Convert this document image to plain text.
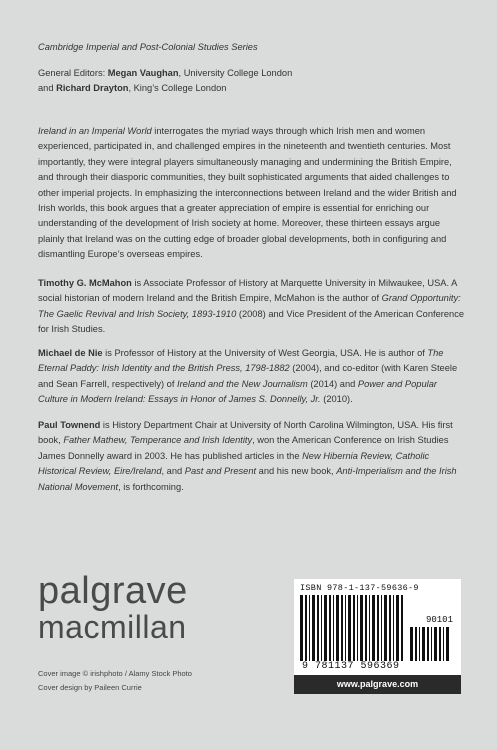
Cambridge Imperial and Post-Colonial Studies Series
General Editors: Megan Vaughan, University College London
and Richard Drayton, King’s College London
Ireland in an Imperial World interrogates the myriad ways through which Irish men and women experienced, participated in, and challenged empires in the nineteenth and twentieth centuries. Most importantly, they were integral players simultaneously managing and undermining the British Empire, and through their diasporic communities, they built sophisticated arguments that aided challenges to other imperial projects. In emphasizing the interconnections between Ireland and the wider British and Irish worlds, this book argues that a greater appreciation of empire is essential for enriching our understanding of the development of Irish society at home. Moreover, these thirteen essays argue plainly that Ireland was on the cutting edge of broader global developments, both in configuring and dismantling Europe’s overseas empires.
Timothy G. McMahon is Associate Professor of History at Marquette University in Milwaukee, USA. A social historian of modern Ireland and the British Empire, McMahon is the author of Grand Opportunity: The Gaelic Revival and Irish Society, 1893-1910 (2008) and Vice President of the American Conference for Irish Studies.
Michael de Nie is Professor of History at the University of West Georgia, USA. He is author of The Eternal Paddy: Irish Identity and the British Press, 1798-1882 (2004), and co-editor (with Karen Steele and Sean Farrell, respectively) of Ireland and the New Journalism (2014) and Power and Popular Culture in Modern Ireland: Essays in Honor of James S. Donnelly, Jr. (2010).
Paul Townend is History Department Chair at University of North Carolina Wilmington, USA. His first book, Father Mathew, Temperance and Irish Identity, won the American Conference on Irish Studies James Donnelly award in 2003. He has published articles in the New Hibernia Review, Catholic Historical Review, Eire/Ireland, and Past and Present and his new book, Anti-Imperialism and the Irish National Movement, is forthcoming.
palgrave
macmillan
Cover image © irishphoto / Alamy Stock Photo
Cover design by Paileen Currie
ISBN 978-1-137-59636-9
90101
9 781137 596369
www.palgrave.com
